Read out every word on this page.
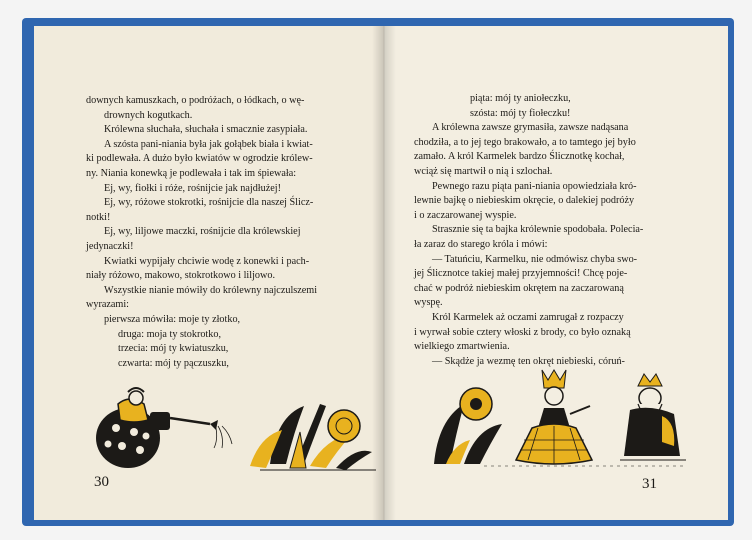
downych kamuszkach, o podróżach, o łódkach, o wę-
drownych kogutkach.
Królewna słuchała, słuchała i smacznie zasypiała.
A szósta pani-niania była jak gołąbek biała i kwiat-
ki podlewała. A dużo było kwiatów w ogrodzie królew-
ny. Niania konewką je podlewała i tak im śpiewała:
Ej, wy, fiołki i róże, rośnijcie jak najdłużej!
Ej, wy, różowe stokrotki, rośnijcie dla naszej Ślicz-
notki!
Ej, wy, liljowe maczki, rośnijcie dla królewskiej
jedynaczki!
Kwiatki wypijały chciwie wodę z konewki i pach-
niały różowo, makowo, stokrotkowo i liljowo.
Wszystkie nianie mówiły do królewny najczulszemi
wyrazami:
pierwsza mówiła: moje ty złotko,
druga: moja ty stokrotko,
trzecia: mój ty kwiatuszku,
czwarta: mój ty pączuszku,
30
piąta: mój ty aniołeczku,
szósta: mój ty fiołeczku!
A królewna zawsze grymasiła, zawsze nadąsana
chodziła, a to jej tego brakowało, a to tamtego jej było
zamało. A król Karmelek bardzo Ślicznotkę kochał,
wciąż się martwił o nią i szlochał.
Pewnego razu piąta pani-niania opowiedziała kró-
lewnie bajkę o niebieskim okręcie, o dalekiej podróży
i o zaczarowanej wyspie.
Strasznie się ta bajka królewnie spodobała. Polecia-
ła zaraz do starego króla i mówi:
— Tatuńciu, Karmelku, nie odmówisz chyba swo-
jej Ślicznotce takiej małej przyjemności! Chcę poje-
chać w podróż niebieskim okrętem na zaczarowaną
wyspę.
Król Karmelek aż oczami zamrugał z rozpaczy
i wyrwał sobie cztery włoski z brody, co było oznaką
wielkiego zmartwienia.
— Skądże ja wezmę ten okręt niebieski, córuń-
31
